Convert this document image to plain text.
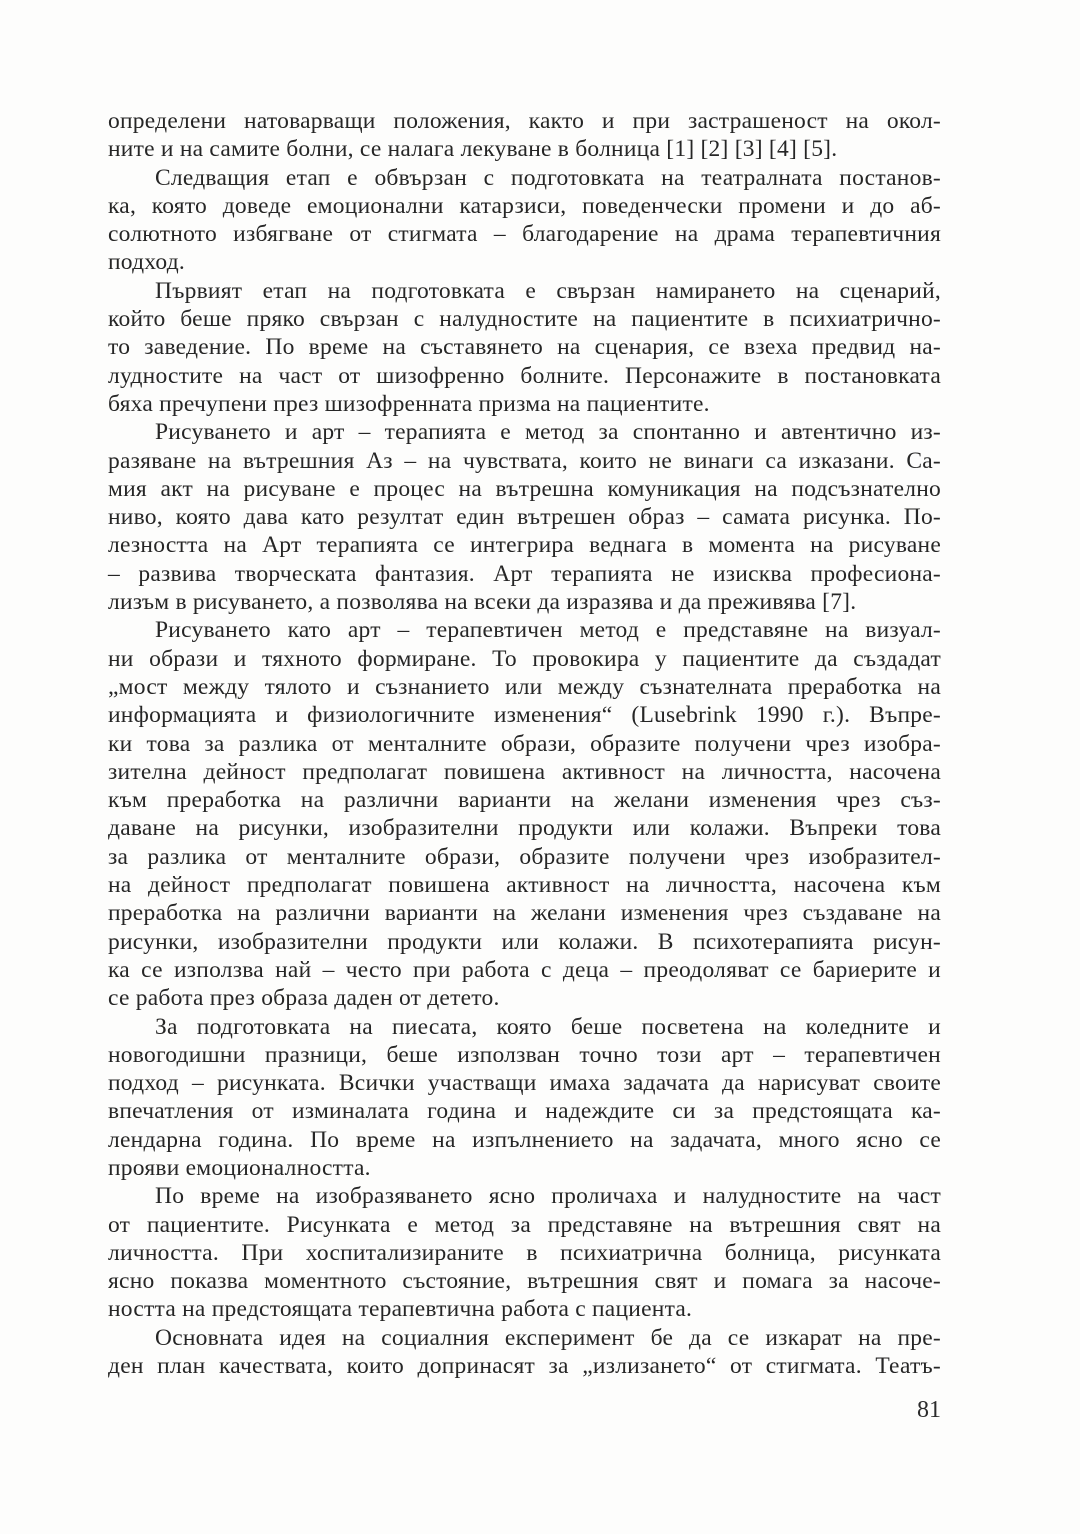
определени натоварващи положения, както и при застрашеност на окол-
ните и на самите болни, се налага лекуване в болница [1] [2] [3] [4] [5].
Следващия етап е обвързан с подготовката на театралната постанов-
ка, която доведе емоционални катарзиси, поведенчески промени и до аб-
солютното избягване от стигмата – благодарение на драма терапевтичния
подход.
Първият етап на подготовката е свързан намирането на сценарий,
който беше пряко свързан с налудностите на пациентите в психиатрично-
то заведение. По време на съставянето на сценария, се взеха предвид на-
лудностите на част от шизофренно болните. Персонажите в постановката
бяха пречупени през шизофренната призма на пациентите.
Рисуването и арт – терапията е метод за спонтанно и автентично из-
разяване на вътрешния Аз – на чувствата, които не винаги са изказани. Са-
мия акт на рисуване е процес на вътрешна комуникация на подсъзнателно
ниво, която дава като резултат един вътрешен образ – самата рисунка. По-
лезността на Арт терапията се интегрира веднага в момента на рисуване
– развива творческата фантазия. Арт терапията не изисква професиона-
лизъм в рисуването, а позволява на всеки да изразява и да преживява [7].
Рисуването като арт – терапевтичен метод е представяне на визуал-
ни образи и тяхното формиране. То провокира у пациентите да създадат
„мост между тялото и съзнанието или между съзнателната преработка на
информацията и физиологичните изменения“ (Lusebrink 1990 г.). Въпре-
ки това за разлика от менталните образи, образите получени чрез изобра-
зителна дейност предполагат повишена активност на личността, насочена
към преработка на различни варианти на желани изменения чрез съз-
даване на рисунки, изобразителни продукти или колажи. Въпреки това
за разлика от менталните образи, образите получени чрез изобразител-
на дейност предполагат повишена активност на личността, насочена към
преработка на различни варианти на желани изменения чрез създаване на
рисунки, изобразителни продукти или колажи. В психотерапията рисун-
ка се използва най – често при работа с деца – преодоляват се бариерите и
се работа през образа даден от детето.
За подготовката на пиесата, която беше посветена на коледните и
новогодишни празници, беше използван точно този арт – терапевтичен
подход – рисунката. Всички участващи имаха задачата да нарисуват своите
впечатления от изминалата година и надеждите си за предстоящата ка-
лендарна година. По време на изпълнението на задачата, много ясно се
прояви емоционалността.
По време на изобразяването ясно проличаха и налудностите на част
от пациентите. Рисунката е метод за представяне на вътрешния свят на
личността. При хоспитализираните в психиатрична болница, рисунката
ясно показва моментното състояние, вътрешния свят и помага за насоче-
ността на предстоящата терапевтична работа с пациента.
Основната идея на социалния експеримент бе да се изкарат на пре-
ден план качествата, които допринасят за „излизането“ от стигмата. Театъ-
81
